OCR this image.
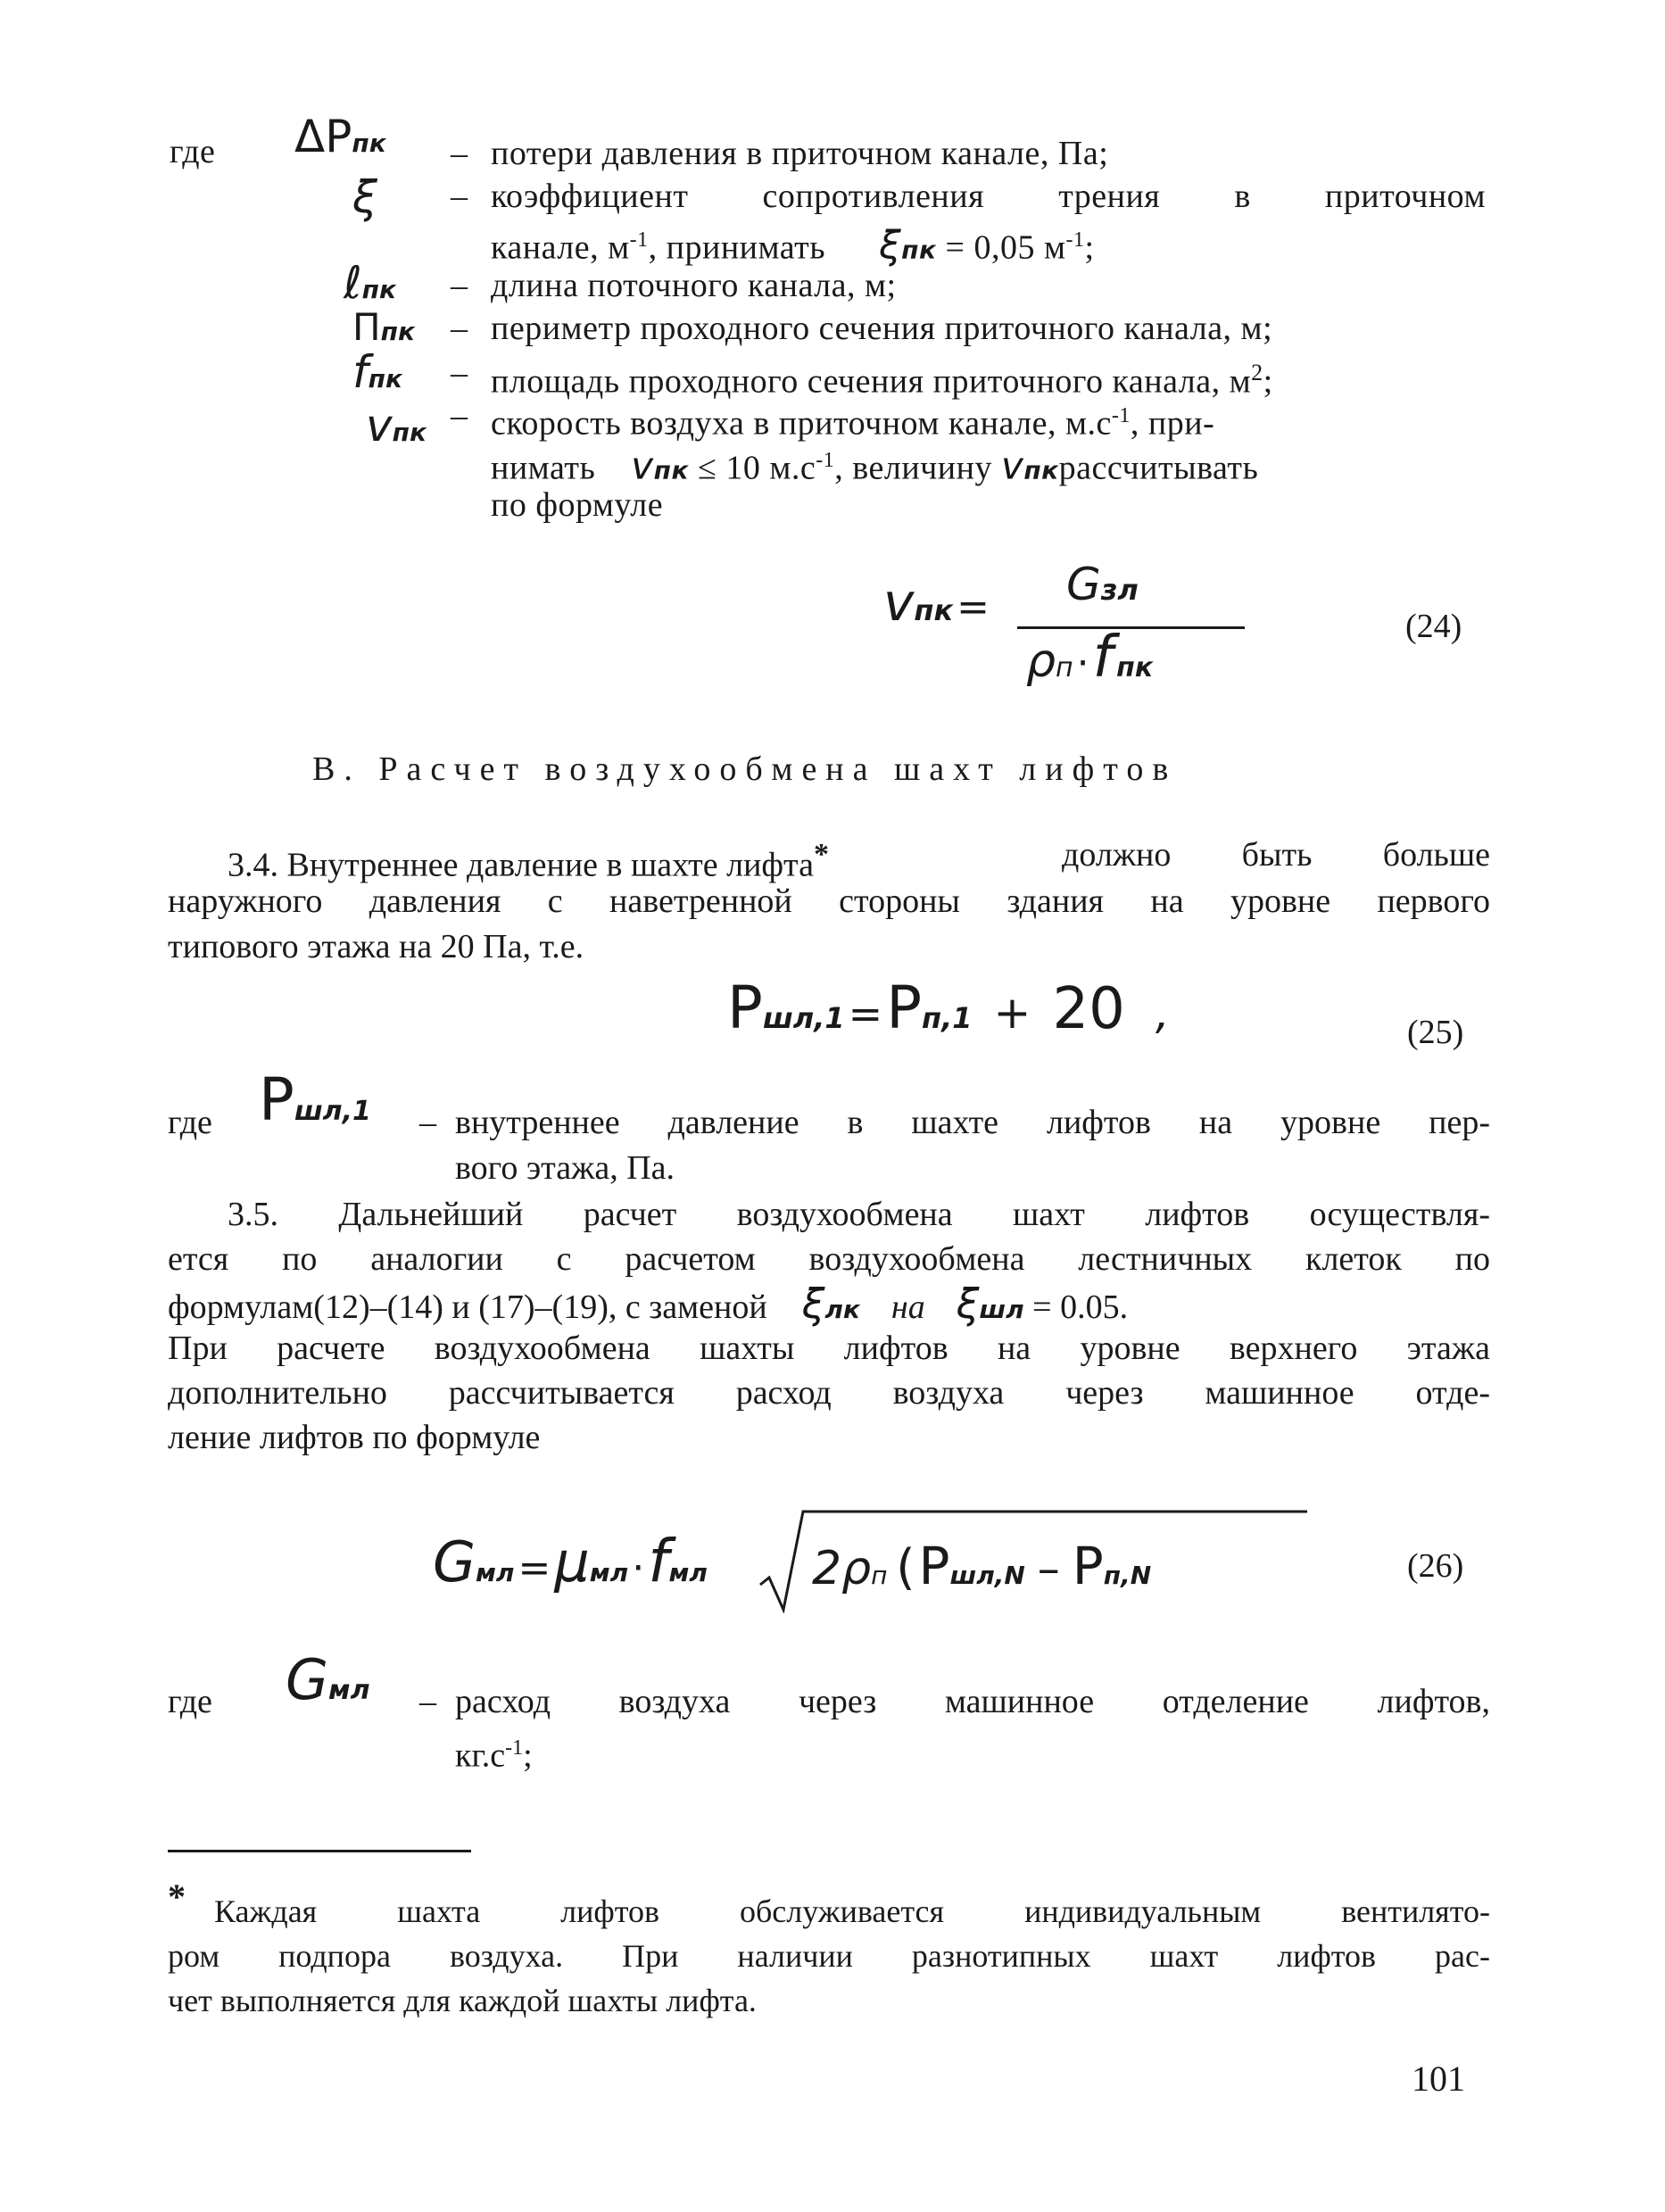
где ΔPпк – потери давления в приточном канале, Па;
ξ – коэффициент сопротивления трения в приточном
канале, $м^{-1}$, принимать ξпк = 0,05 $м^{-1}$;
ℓпк – длина поточного канала, м;
Ппк – периметр проходного сечения приточного канала, м;
fпк – площадь проходного сечения приточного канала, $м^2$;
vпк – скорость воздуха в приточном канале, $м.с^{-1}$, при-
нимать vпк ≤ 10 $м.с^{-1}$, величину vпкрассчитывать
по формуле
vпк = Gзл
ρп · f пк
(24)
В. Расчет воздухообмена шахт лифтов
3.4. Внутреннее давление в шахте лифта*	должно быть больше
наружного давления с наветренной стороны здания на уровне первого
типового этажа на 20 Па, т.е.
Pшл,1 = Pп,1 + 20 ,	(25)
где Pшл,1 – внутреннее давление в шахте лифтов на уровне пер-
вого этажа, Па.
3.5. Дальнейший расчет воздухообмена шахт лифтов осуществля-
ется по аналогии с расчетом воздухообмена лестничных клеток по
формулам(12)–(14) и (17)–(19), с заменой ξлк на ξшл = 0.05.
При расчете воздухообмена шахты лифтов на уровне верхнего этажа
дополнительно рассчитывается расход воздуха через машинное отде-
ление лифтов по формуле
Gмл = μмл · fмл 2ρп ( Pшл,N – Pп,N	(26)
где Gмл – расход воздуха через машинное отделение лифтов,
$кг.с^{-1}$;
* Каждая шахта лифтов обслуживается индивидуальным вентилято-
ром подпора воздуха. При наличии разнотипных шахт лифтов рас-
чет выполняется для каждой шахты лифта.
101
